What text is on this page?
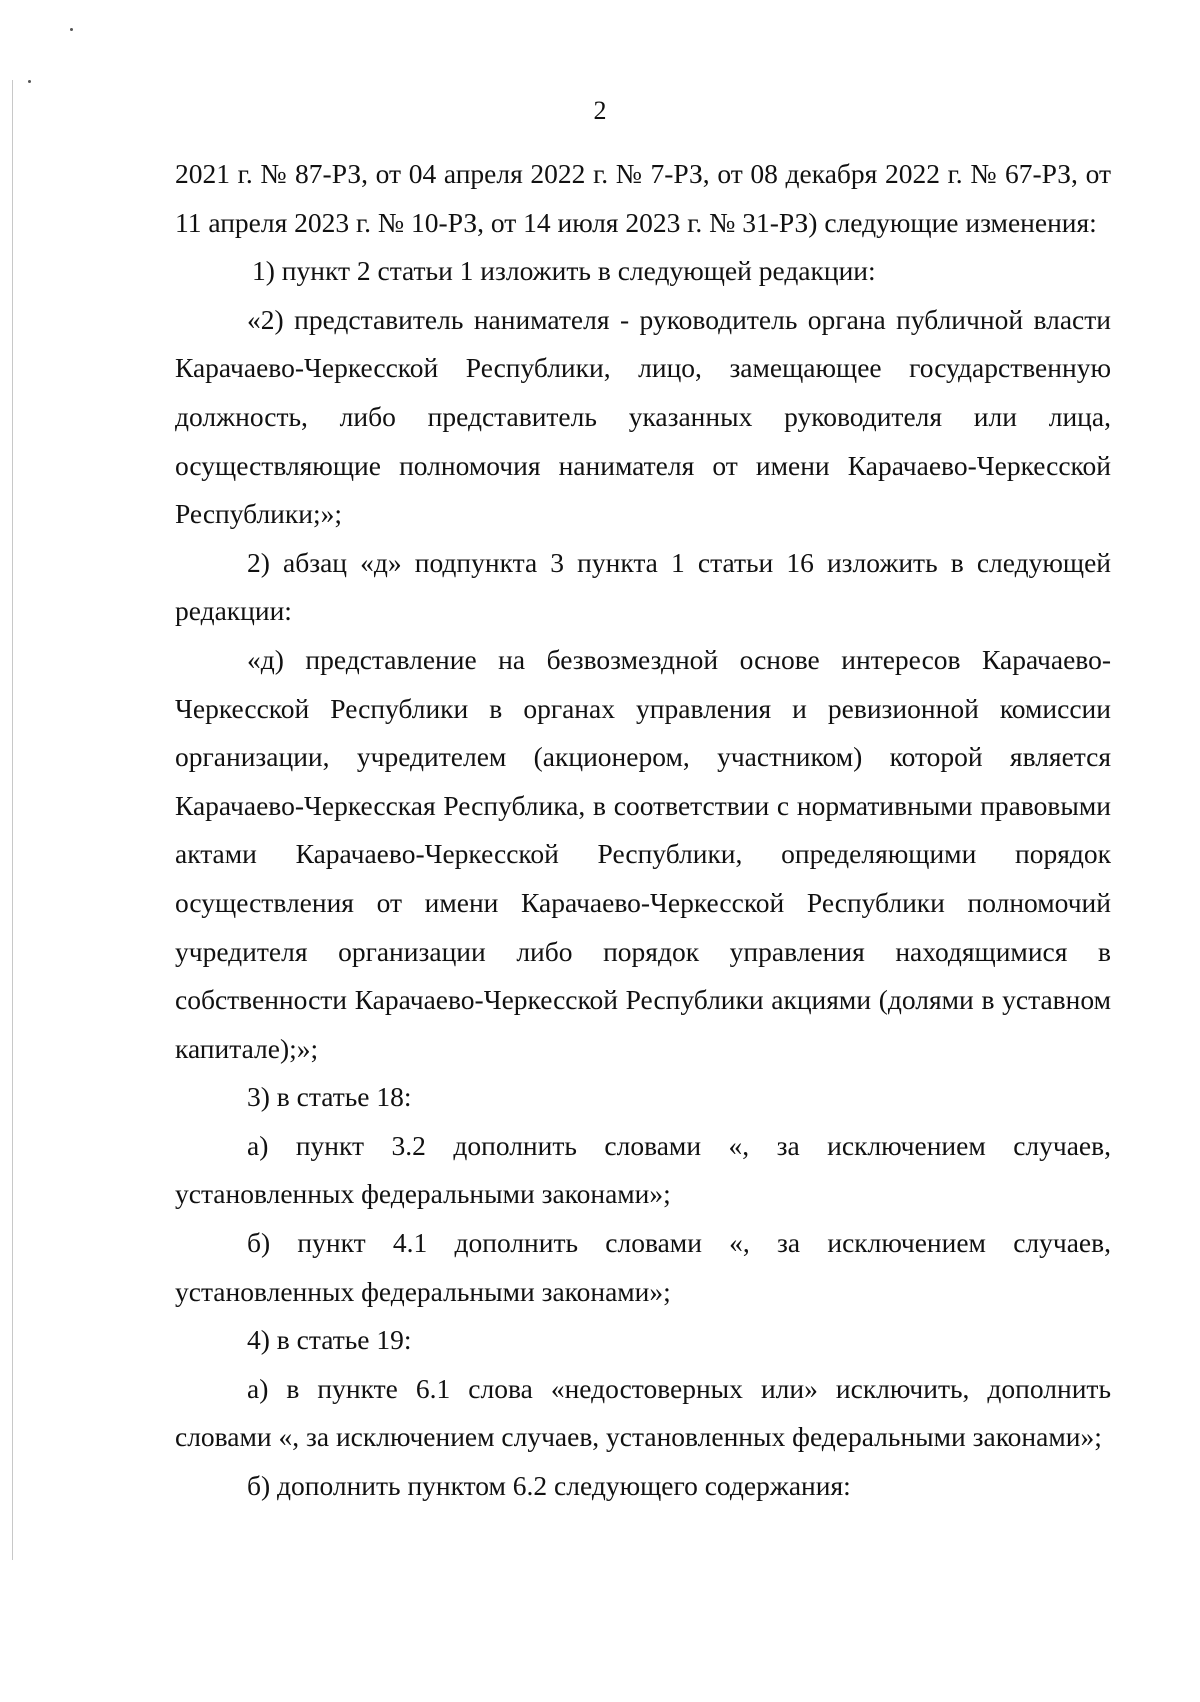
2

2021 г. № 87-РЗ, от 04 апреля 2022 г. № 7-РЗ, от 08 декабря 2022 г. № 67-РЗ, от 11 апреля 2023 г. № 10-РЗ, от 14 июля 2023 г. № 31-РЗ) следующие изменения:

1) пункт 2 статьи 1 изложить в следующей редакции:

«2) представитель нанимателя - руководитель органа публичной власти Карачаево-Черкесской Республики, лицо, замещающее государственную должность, либо представитель указанных руководителя или лица, осуществляющие полномочия нанимателя от имени Карачаево-Черкесской Республики;»;

2) абзац «д» подпункта 3 пункта 1 статьи 16 изложить в следующей редакции:

«д) представление на безвозмездной основе интересов Карачаево-Черкесской Республики в органах управления и ревизионной комиссии организации, учредителем (акционером, участником) которой является Карачаево-Черкесская Республика, в соответствии с нормативными правовыми актами Карачаево-Черкесской Республики, определяющими порядок осуществления от имени Карачаево-Черкесской Республики полномочий учредителя организации либо порядок управления находящимися в собственности Карачаево-Черкесской Республики акциями (долями в уставном капитале);»;

3) в статье 18:

а) пункт 3.2 дополнить словами «, за исключением случаев, установленных федеральными законами»;

б) пункт 4.1 дополнить словами «, за исключением случаев, установленных федеральными законами»;

4) в статье 19:

а) в пункте 6.1 слова «недостоверных или» исключить, дополнить словами «, за исключением случаев, установленных федеральными законами»;

б) дополнить пунктом 6.2 следующего содержания:
